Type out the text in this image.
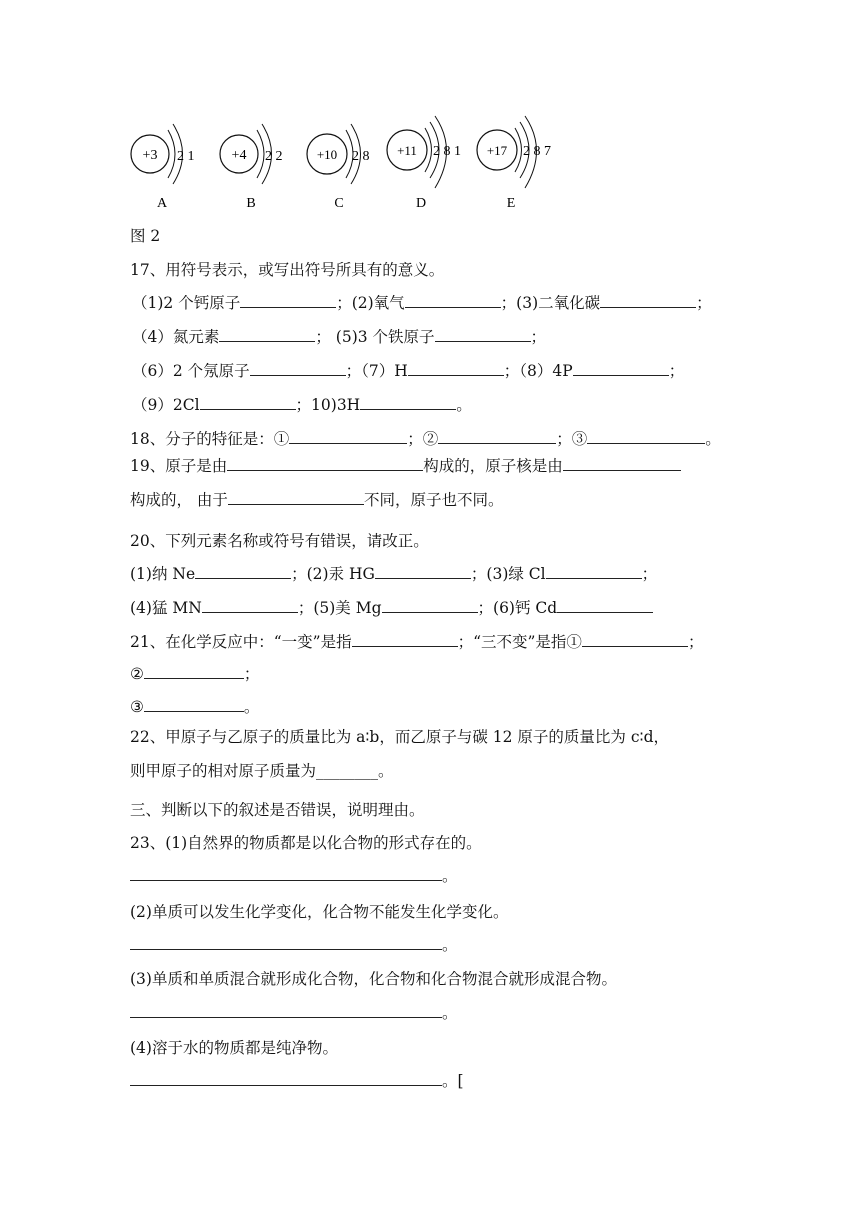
+3 2 1
A
+4 2 2
B
+10 2 8
C
+11 2 8 1
D
+17 2 8 7
E
图 2
17、用符号表示，或写出符号所具有的意义。
（1)2 个钙原子	；(2)氧气	；(3)二氧化碳	；
（4）氮元素	； (5)3 个铁原子	；
（6）2 个氖原子	；（7）H	；（8）4P	；
（9）2Cl	；10)3H	。
18、分子的特征是：①	；②	；③	。
19、原子是由	构成的，原子核是由
构成的， 由于	不同，原子也不同。
20、下列元素名称或符号有错误，请改正。
(1)纳 Ne	；(2)汞 HG	；(3)绿 Cl	；
(4)猛 MN	；(5)美 Mg	；(6)钙 Cd
21、在化学反应中：“一变”是指	；“三不变”是指①	；
②	；
③	。
22、甲原子与乙原子的质量比为 a∶b，而乙原子与碳 12 原子的质量比为 c∶d，
则甲原子的相对原子质量为________。
三、判断以下的叙述是否错误，说明理由。
23、(1)自然界的物质都是以化合物的形式存在的。
。
(2)单质可以发生化学变化，化合物不能发生化学变化。
。
(3)单质和单质混合就形成化合物，化合物和化合物混合就形成混合物。
。
(4)溶于水的物质都是纯净物。
。[
